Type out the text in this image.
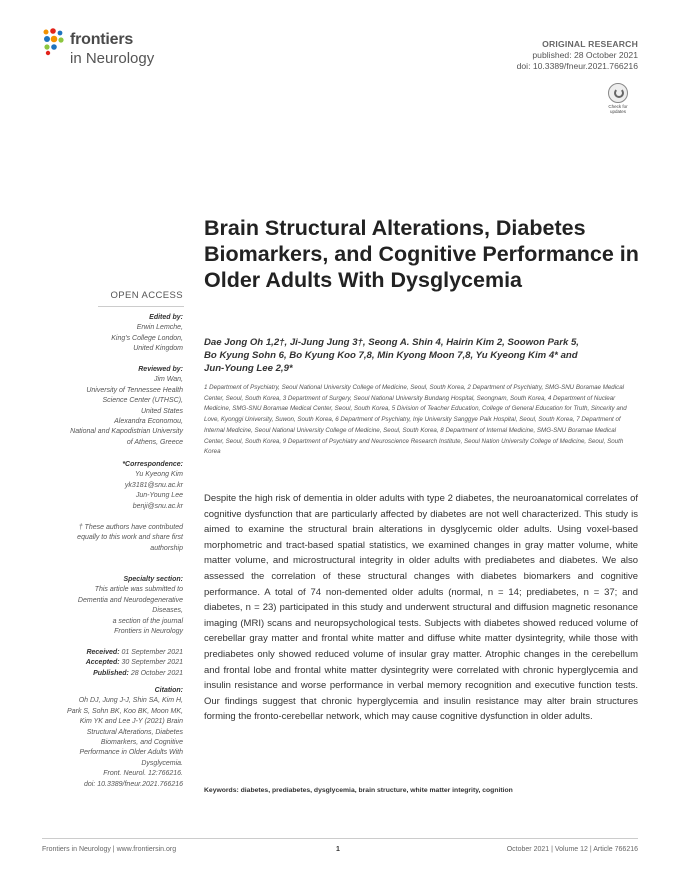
frontiers
in Neurology
ORIGINAL RESEARCH
published: 28 October 2021
doi: 10.3389/fneur.2021.766216
Check for
updates
Brain Structural Alterations, Diabetes Biomarkers, and Cognitive Performance in Older Adults With Dysglycemia
Dae Jong Oh 1,2†, Ji-Jung Jung 3†, Seong A. Shin 4, Hairin Kim 2, Soowon Park 5,
Bo Kyung Sohn 6, Bo Kyung Koo 7,8, Min Kyong Moon 7,8, Yu Kyeong Kim 4* and
Jun-Young Lee 2,9*
1 Department of Psychiatry, Seoul National University College of Medicine, Seoul, South Korea, 2 Department of Psychiatry, SMG-SNU Boramae Medical Center, Seoul, South Korea, 3 Department of Surgery, Seoul National University Bundang Hospital, Seongnam, South Korea, 4 Department of Nuclear Medicine, SMG-SNU Boramae Medical Center, Seoul, South Korea, 5 Division of Teacher Education, College of General Education for Truth, Sincerity and Love, Kyonggi University, Suwon, South Korea, 6 Department of Psychiatry, Inje University Sanggye Paik Hospital, Seoul, South Korea, 7 Department of Internal Medicine, Seoul National University College of Medicine, Seoul, South Korea, 8 Department of Internal Medicine, SMG-SNU Boramae Medical Center, Seoul, South Korea, 9 Department of Psychiatry and Neuroscience Research Institute, Seoul Nation University College of Medicine, Seoul, South Korea
Despite the high risk of dementia in older adults with type 2 diabetes, the neuroanatomical correlates of cognitive dysfunction that are particularly affected by diabetes are not well characterized. This study is aimed to examine the structural brain alterations in dysglycemic older adults. Using voxel-based morphometric and tract-based spatial statistics, we examined changes in gray matter volume, white matter volume, and microstructural integrity in older adults with prediabetes and diabetes. We also assessed the correlation of these structural changes with diabetes biomarkers and cognitive performance. A total of 74 non-demented older adults (normal, n = 14; prediabetes, n = 37; and diabetes, n = 23) participated in this study and underwent structural and diffusion magnetic resonance imaging (MRI) scans and neuropsychological tests. Subjects with diabetes showed reduced volume of cerebellar gray matter and frontal white matter and diffuse white matter dysintegrity, while those with prediabetes only showed reduced volume of insular gray matter. Atrophic changes in the cerebellum and frontal lobe and frontal white matter dysintegrity were correlated with chronic hyperglycemia and insulin resistance and worse performance in verbal memory recognition and executive function tests. Our findings suggest that chronic hyperglycemia and insulin resistance may alter brain structures forming the fronto-cerebellar network, which may cause cognitive dysfunction in older adults.
Keywords: diabetes, prediabetes, dysglycemia, brain structure, white matter integrity, cognition
OPEN ACCESS
Edited by:
Erwin Lemche,
King's College London,
United Kingdom
Reviewed by:
Jim Wan,
University of Tennessee Health
Science Center (UTHSC),
United States
Alexandra Economou,
National and Kapodistrian University
of Athens, Greece
*Correspondence:
Yu Kyeong Kim
yk3181@snu.ac.kr
Jun-Young Lee
benji@snu.ac.kr
† These authors have contributed
equally to this work and share first
authorship
Specialty section:
This article was submitted to
Dementia and Neurodegenerative
Diseases,
a section of the journal
Frontiers in Neurology
Received: 01 September 2021
Accepted: 30 September 2021
Published: 28 October 2021
Citation:
Oh DJ, Jung J-J, Shin SA, Kim H,
Park S, Sohn BK, Koo BK, Moon MK,
Kim YK and Lee J-Y (2021) Brain
Structural Alterations, Diabetes
Biomarkers, and Cognitive
Performance in Older Adults With
Dysglycemia.
Front. Neurol. 12:766216.
doi: 10.3389/fneur.2021.766216
Frontiers in Neurology | www.frontiersin.org	1	October 2021 | Volume 12 | Article 766216
